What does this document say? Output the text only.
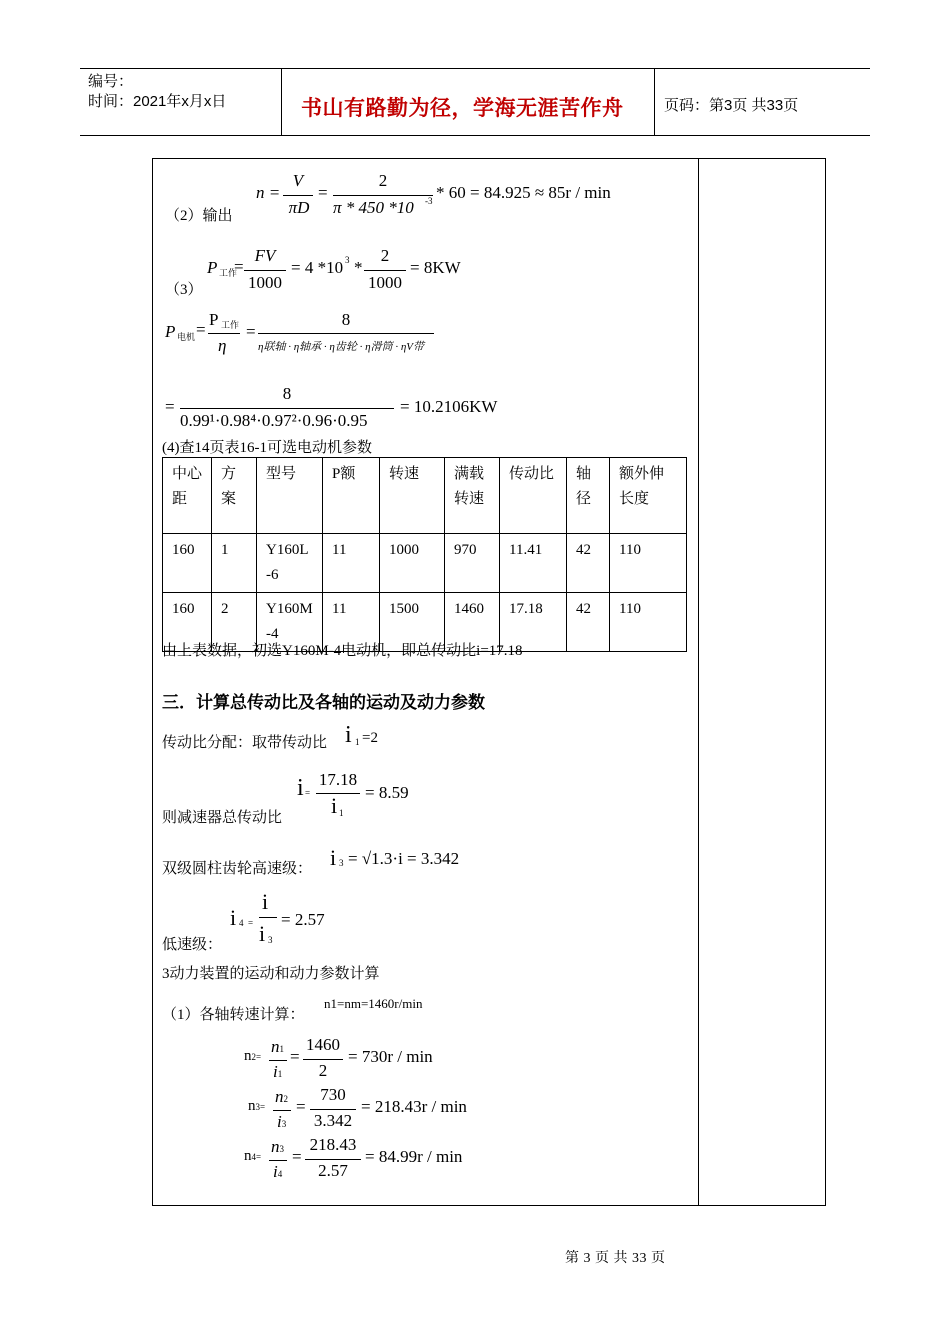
编号：
时间：2021年x月x日	书山有路勤为径，学海无涯苦作舟	页码：第3页 共33页
（2）输出
n =
V
πD
=
2
π * 450 *10 -3 * 60 = 84.925 ≈ 85r / min
（3）
P 工作
=
FV
1000
= 4 *10 3 *
2
1000
= 8KW
P 电机 =
P 工作
η
=
8
η联轴 · η轴承 · η齿轮 · η滑筒 · ηV带
=
8
0.99¹·0.98⁴·0.97²·0.96·0.95
= 10.2106KW
(4)查14页表16-1可选电动机参数
中心距	方案	型号	P额	转速	满载转速	传动比	轴径	额外伸长度
160	1	Y160L-6	11	1000	970	11.41	42	110
160	2	Y160M-4	11	1500	1460	17.18	42	110
由上表数据，初选Y160M-4电动机，即总传动比i=17.18
三．计算总传动比及各轴的运动及动力参数
传动比分配：取带传动比 i 1 =2
则减速器总传动比
i =
17.18
i 1
= 8.59
双级圆柱齿轮高速级： i 3 = √1.3·i = 3.342
低速级：
i 4 =
i
i 3
= 2.57
3动力装置的运动和动力参数计算
（1）各轴转速计算：
n1=nm=1460r/min
n2=
n1
i1
=
1460
2
= 730r / min
n3=
n2
i3
=
730
3.342
= 218.43r / min
n4=
n3
i4
=
218.43
2.57
= 84.99r / min
第 3 页 共 33 页
